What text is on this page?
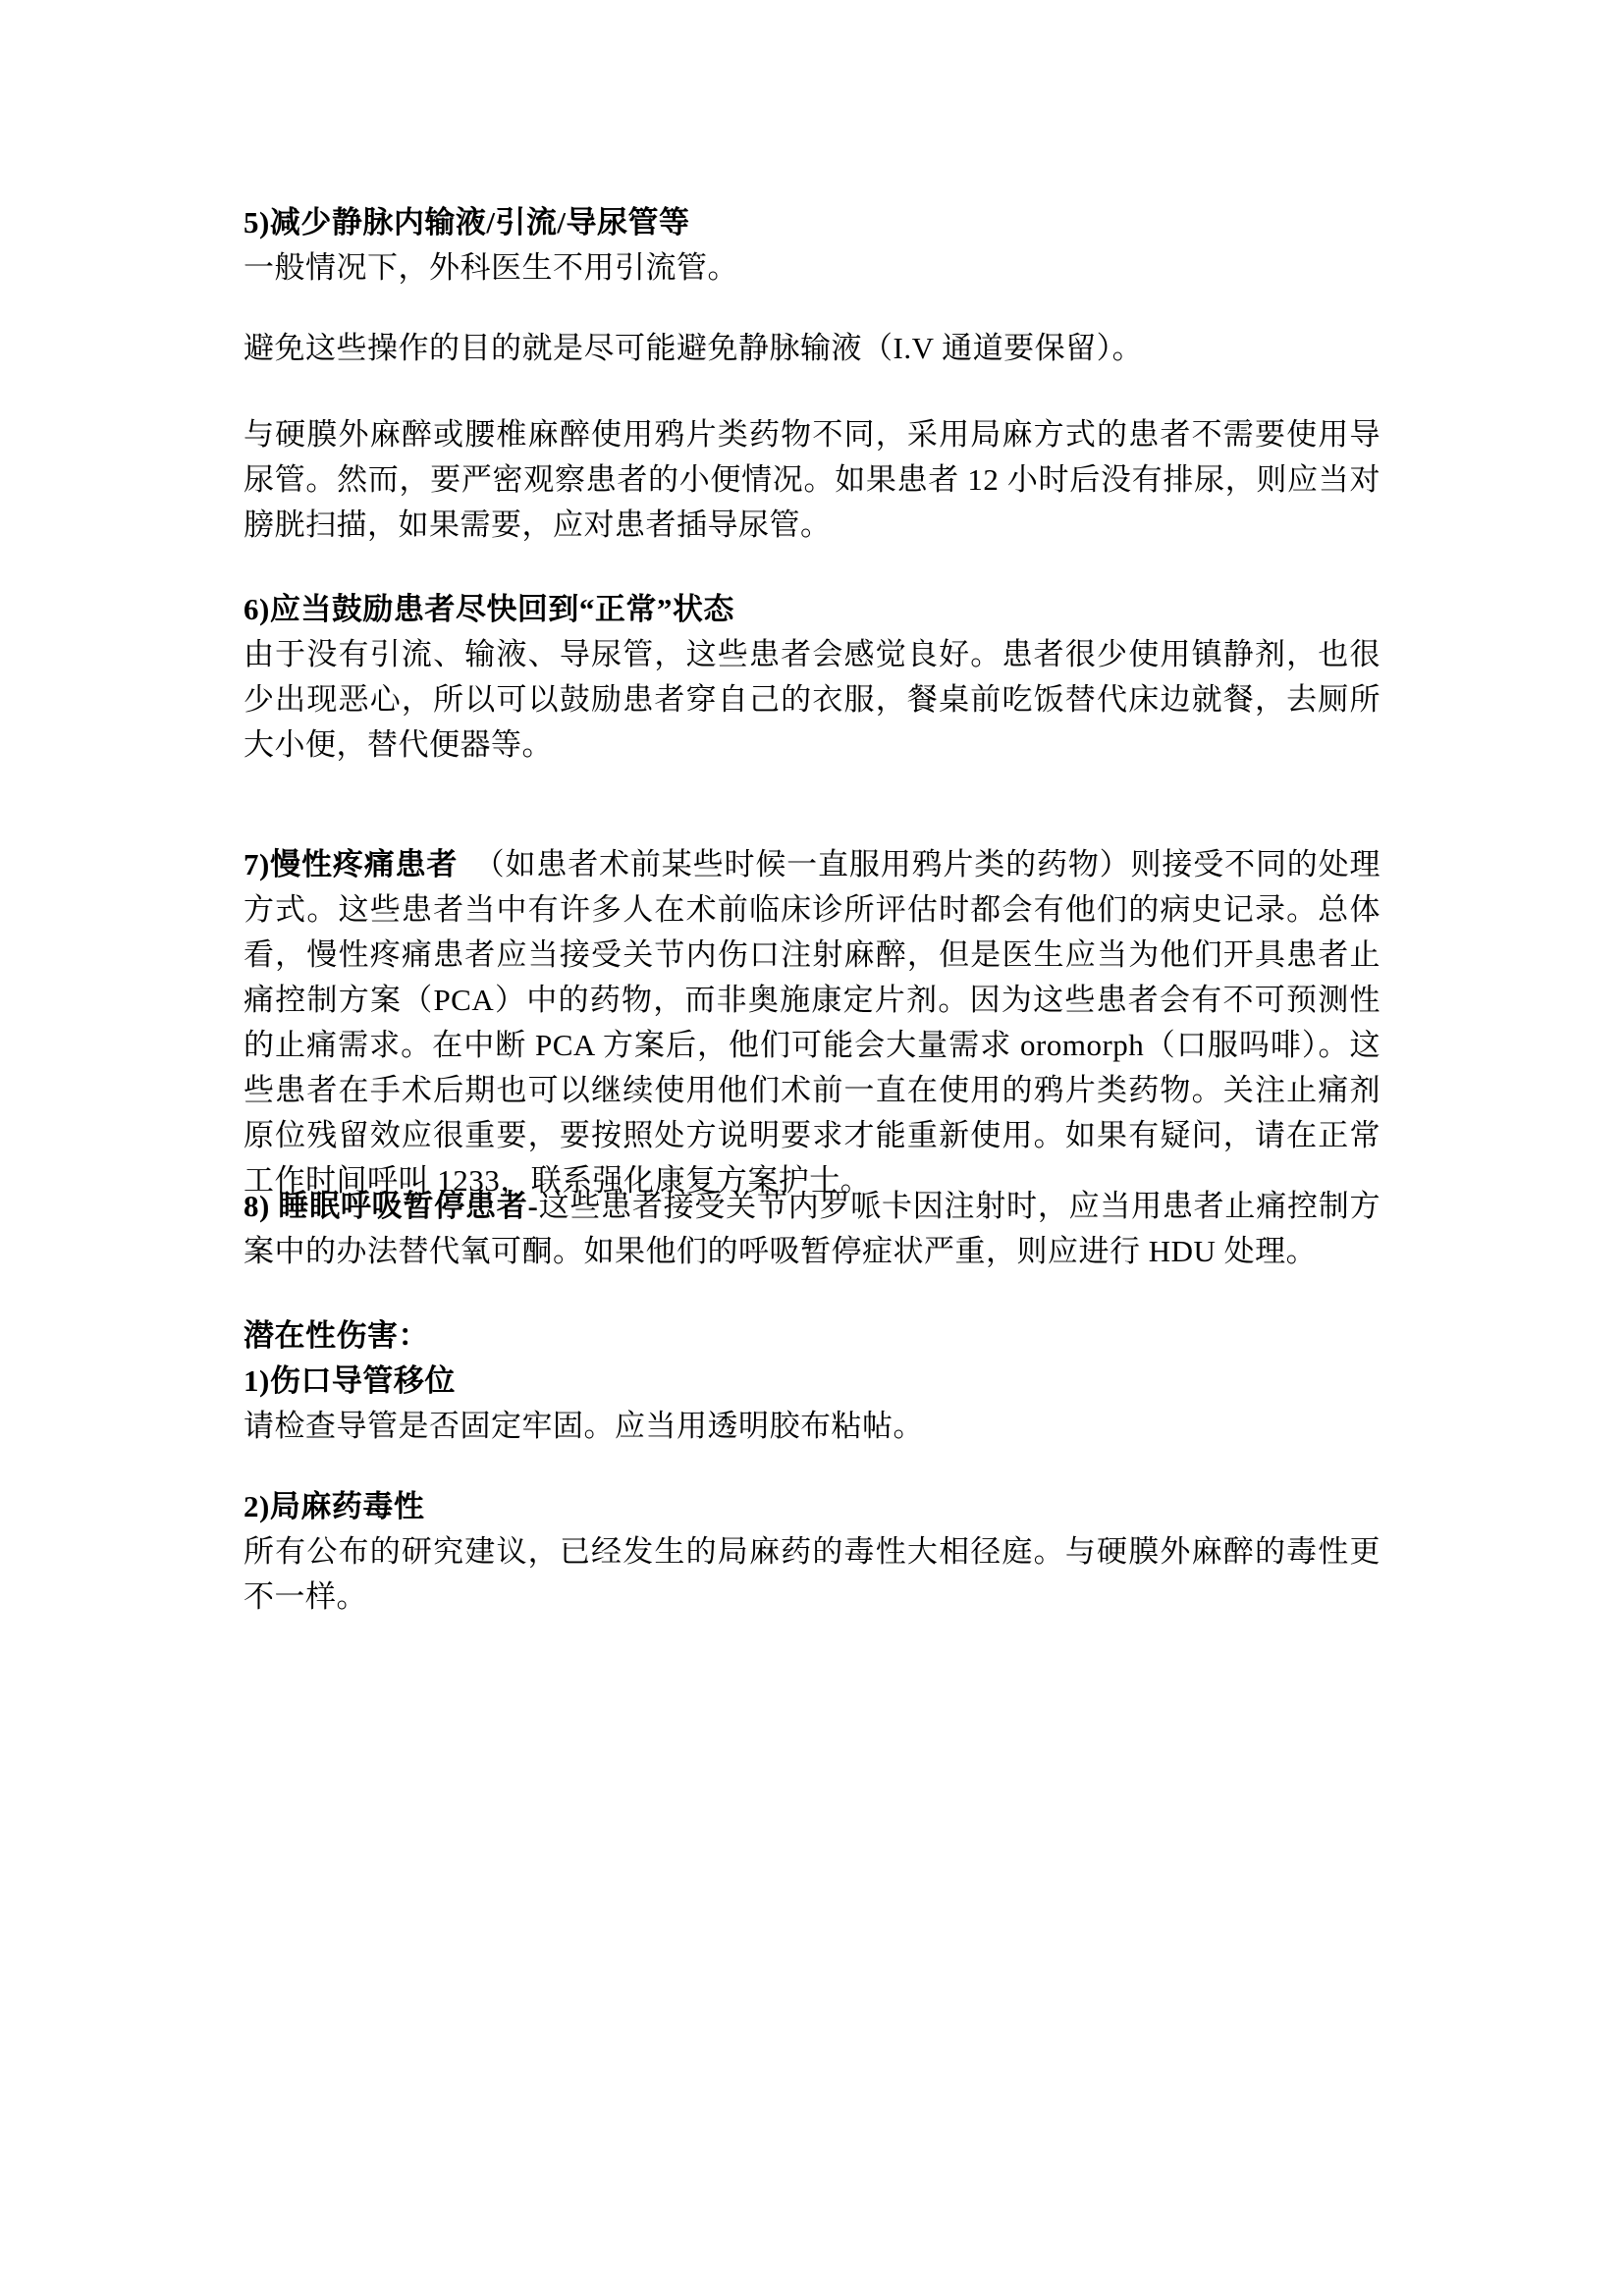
5)减少静脉内输液/引流/导尿管等

一般情况下，外科医生不用引流管。

避免这些操作的目的就是尽可能避免静脉输液（I.V 通道要保留）。

与硬膜外麻醉或腰椎麻醉使用鸦片类药物不同，采用局麻方式的患者不需要使用导尿管。然而，要严密观察患者的小便情况。如果患者 12 小时后没有排尿，则应当对膀胱扫描，如果需要，应对患者插导尿管。

6)应当鼓励患者尽快回到“正常”状态

由于没有引流、输液、导尿管，这些患者会感觉良好。患者很少使用镇静剂，也很少出现恶心，所以可以鼓励患者穿自己的衣服，餐桌前吃饭替代床边就餐，去厕所大小便，替代便器等。

7)慢性疼痛患者　（如患者术前某些时候一直服用鸦片类的药物）则接受不同的处理方式。这些患者当中有许多人在术前临床诊所评估时都会有他们的病史记录。总体看，慢性疼痛患者应当接受关节内伤口注射麻醉，但是医生应当为他们开具患者止痛控制方案（PCA）中的药物，而非奥施康定片剂。因为这些患者会有不可预测性的止痛需求。在中断 PCA 方案后，他们可能会大量需求 oromorph（口服吗啡）。这些患者在手术后期也可以继续使用他们术前一直在使用的鸦片类药物。关注止痛剂原位残留效应很重要，要按照处方说明要求才能重新使用。如果有疑问，请在正常工作时间呼叫 1233，联系强化康复方案护士。

8) 睡眠呼吸暂停患者-这些患者接受关节内罗哌卡因注射时，应当用患者止痛控制方案中的办法替代氧可酮。如果他们的呼吸暂停症状严重，则应进行 HDU 处理。

潜在性伤害：

1)伤口导管移位

请检查导管是否固定牢固。应当用透明胶布粘帖。

2)局麻药毒性

所有公布的研究建议，已经发生的局麻药的毒性大相径庭。与硬膜外麻醉的毒性更不一样。
